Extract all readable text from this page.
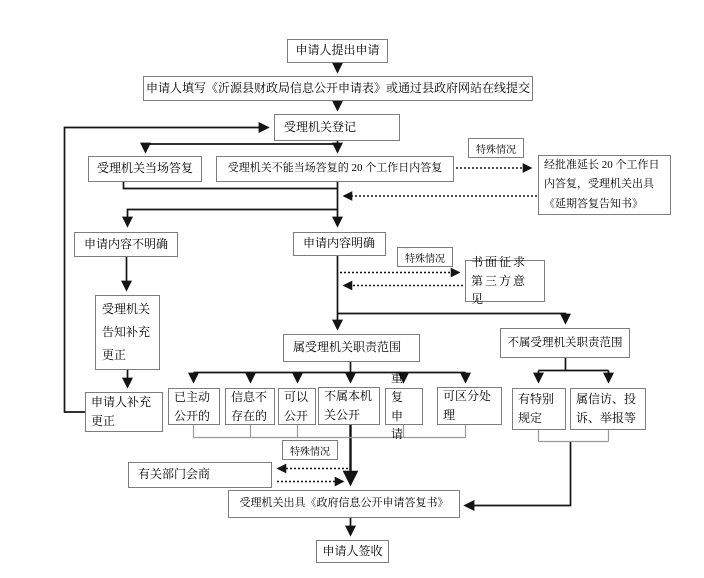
申请人提出申请
申请人填写《沂源县财政局信息公开申请表》或通过县政府网站在线提交
受理机关登记
受理机关当场答复	受理机关不能当场答复的 20 个工作日内答复
特殊情况
经批准延长 20 个工作日内答复，受理机关出具《延期答复告知书》
申请内容不明确	申请内容明确
特殊情况	书面征求第三方意见
受理机关告知补充更正
申请人补充更正
属受理机关职责范围	不属受理机关职责范围
已主动公开的
信息不存在的
可以公开
不属本机关公开
重复申请
可区分处理
有特别规定
属信访、投诉、举报等
特殊情况
有关部门会商
受理机关出具《政府信息公开申请答复书》
申请人签收
